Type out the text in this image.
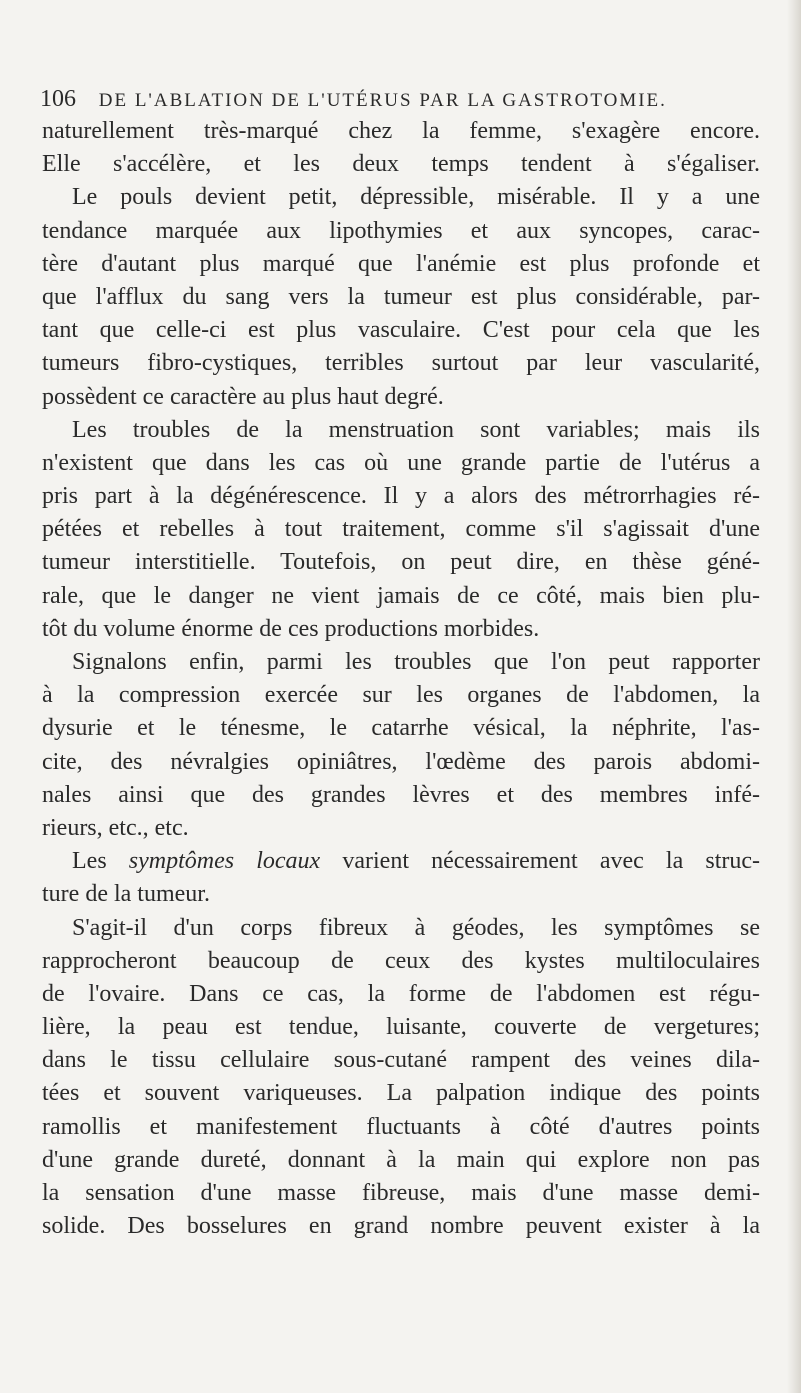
106 DE L'ABLATION DE L'UTÉRUS PAR LA GASTROTOMIE.
naturellement très-marqué chez la femme, s'exagère encore.
Elle s'accélère, et les deux temps tendent à s'égaliser.
Le pouls devient petit, dépressible, misérable. Il y a une
tendance marquée aux lipothymies et aux syncopes, carac-
tère d'autant plus marqué que l'anémie est plus profonde et
que l'afflux du sang vers la tumeur est plus considérable, par-
tant que celle-ci est plus vasculaire. C'est pour cela que les
tumeurs fibro-cystiques, terribles surtout par leur vascularité,
possèdent ce caractère au plus haut degré.
Les troubles de la menstruation sont variables; mais ils
n'existent que dans les cas où une grande partie de l'utérus a
pris part à la dégénérescence. Il y a alors des métrorrhagies ré-
pétées et rebelles à tout traitement, comme s'il s'agissait d'une
tumeur interstitielle. Toutefois, on peut dire, en thèse géné-
rale, que le danger ne vient jamais de ce côté, mais bien plu-
tôt du volume énorme de ces productions morbides.
Signalons enfin, parmi les troubles que l'on peut rapporter
à la compression exercée sur les organes de l'abdomen, la
dysurie et le ténesme, le catarrhe vésical, la néphrite, l'as-
cite, des névralgies opiniâtres, l'œdème des parois abdomi-
nales ainsi que des grandes lèvres et des membres infé-
rieurs, etc., etc.
Les symptômes locaux varient nécessairement avec la struc-
ture de la tumeur.
S'agit-il d'un corps fibreux à géodes, les symptômes se
rapprocheront beaucoup de ceux des kystes multiloculaires
de l'ovaire. Dans ce cas, la forme de l'abdomen est régu-
lière, la peau est tendue, luisante, couverte de vergetures;
dans le tissu cellulaire sous-cutané rampent des veines dila-
tées et souvent variqueuses. La palpation indique des points
ramollis et manifestement fluctuants à côté d'autres points
d'une grande dureté, donnant à la main qui explore non pas
la sensation d'une masse fibreuse, mais d'une masse demi-
solide. Des bosselures en grand nombre peuvent exister à la
